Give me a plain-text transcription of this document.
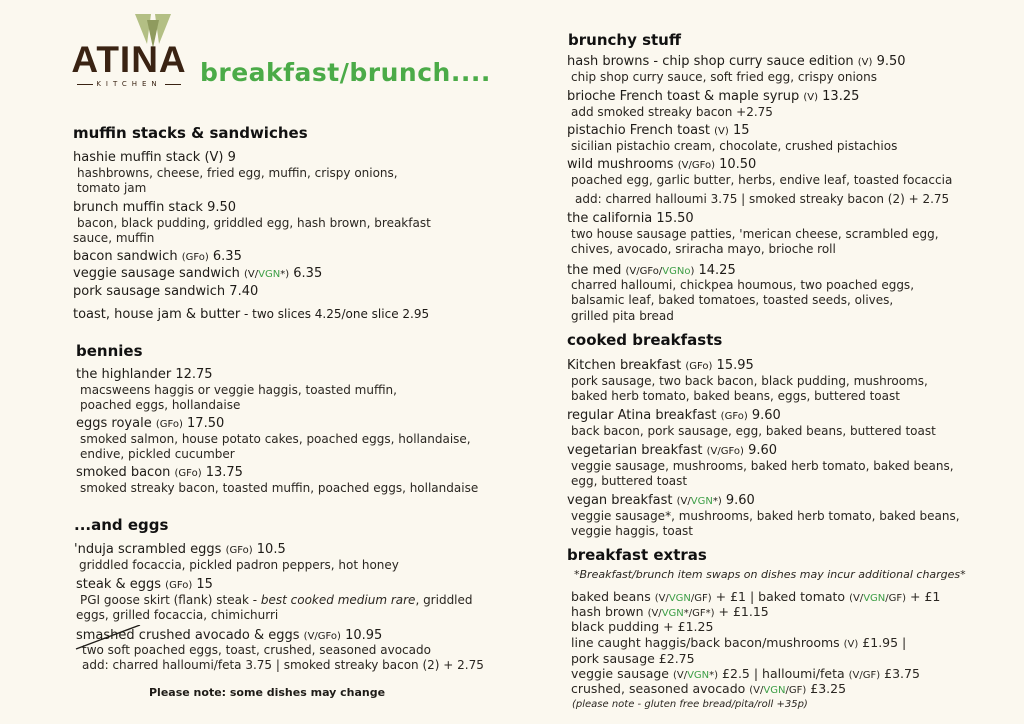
ATINA
KITCHEN	breakfast/brunch....
muffin stacks & sandwiches
hashie muffin stack (V) 9
hashbrowns, cheese, fried egg, muffin, crispy onions,
tomato jam
brunch muffin stack 9.50
bacon, black pudding, griddled egg, hash brown, breakfast
sauce, muffin
bacon sandwich (GFo) 6.35
veggie sausage sandwich (V/VGN*) 6.35
pork sausage sandwich 7.40
toast, house jam & butter - two slices 4.25/one slice 2.95
bennies
the highlander 12.75
macsweens haggis or veggie haggis, toasted muffin,
poached eggs, hollandaise
eggs royale (GFo) 17.50
smoked salmon, house potato cakes, poached eggs, hollandaise,
endive, pickled cucumber
smoked bacon (GFo) 13.75
smoked streaky bacon, toasted muffin, poached eggs, hollandaise
...and eggs
'nduja scrambled eggs (GFo) 10.5
griddled focaccia, pickled padron peppers, hot honey
steak & eggs (GFo) 15
PGI goose skirt (flank) steak - best cooked medium rare, griddled
eggs, grilled focaccia, chimichurri
smashed
crushed avocado & eggs (V/GFo) 10.95
two soft poached eggs, toast, crushed, seasoned avocado
add: charred halloumi/feta 3.75 | smoked streaky bacon (2) + 2.75
Please note: some dishes may change
brunchy stuff
hash browns - chip shop curry sauce edition (V) 9.50
chip shop curry sauce, soft fried egg, crispy onions
brioche French toast & maple syrup (V) 13.25
add smoked streaky bacon +2.75
pistachio French toast (V) 15
sicilian pistachio cream, chocolate, crushed pistachios
wild mushrooms (V/GFo) 10.50
poached egg, garlic butter, herbs, endive leaf, toasted focaccia
add: charred halloumi 3.75 | smoked streaky bacon (2) + 2.75
the california 15.50
two house sausage patties, 'merican cheese, scrambled egg,
chives, avocado, sriracha mayo, brioche roll
the med (V/GFo/VGNo) 14.25
charred halloumi, chickpea houmous, two poached eggs,
balsamic leaf, baked tomatoes, toasted seeds, olives,
grilled pita bread
cooked breakfasts
Kitchen breakfast (GFo) 15.95
pork sausage, two back bacon, black pudding, mushrooms,
baked herb tomato, baked beans, eggs, buttered toast
regular Atina breakfast (GFo) 9.60
back bacon, pork sausage, egg, baked beans, buttered toast
vegetarian breakfast (V/GFo) 9.60
veggie sausage, mushrooms, baked herb tomato, baked beans,
egg, buttered toast
vegan breakfast (V/VGN*) 9.60
veggie sausage*, mushrooms, baked herb tomato, baked beans,
veggie haggis, toast
breakfast extras
*Breakfast/brunch item swaps on dishes may incur additional charges*
baked beans (V/VGN/GF) + £1 | baked tomato (V/VGN/GF) + £1
hash brown (V/VGN*/GF*) + £1.15
black pudding + £1.25
line caught haggis/back bacon/mushrooms (V) £1.95 |
pork sausage £2.75
veggie sausage (V/VGN*) £2.5 | halloumi/feta (V/GF) £3.75
crushed, seasoned avocado (V/VGN/GF) £3.25
(please note - gluten free bread/pita/roll +35p)
